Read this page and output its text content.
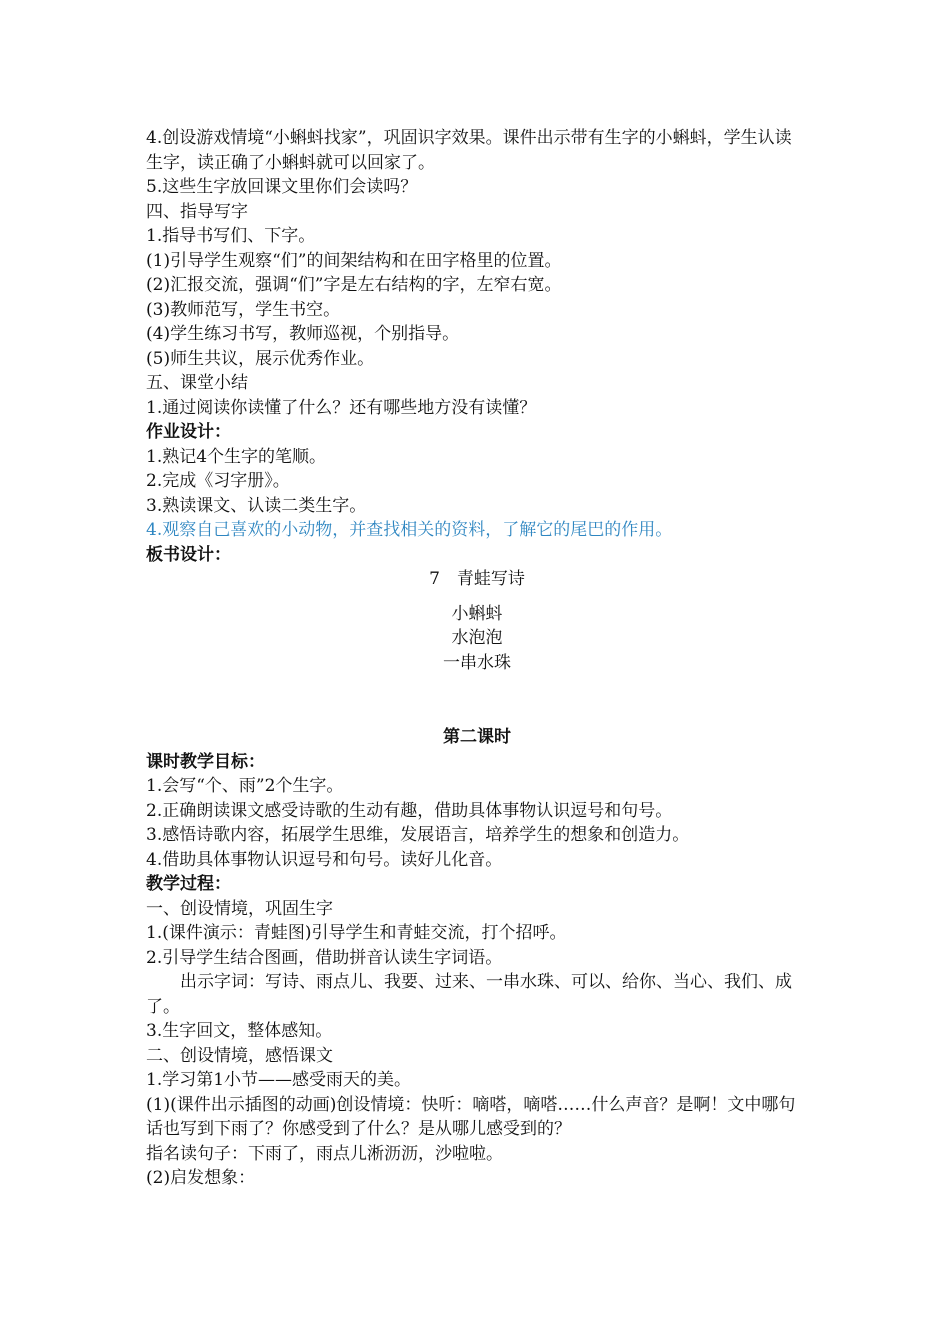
4.创设游戏情境“小蝌蚪找家”，巩固识字效果。课件出示带有生字的小蝌蚪，学生认读生字，读正确了小蝌蚪就可以回家了。
5.这些生字放回课文里你们会读吗？
四、指导写字
1.指导书写们、下字。
(1)引导学生观察“们”的间架结构和在田字格里的位置。
(2)汇报交流，强调“们”字是左右结构的字，左窄右宽。
(3)教师范写，学生书空。
(4)学生练习书写，教师巡视，个别指导。
(5)师生共议，展示优秀作业。
五、课堂小结
1.通过阅读你读懂了什么？还有哪些地方没有读懂？
作业设计：
1.熟记4个生字的笔顺。
2.完成《习字册》。
3.熟读课文、认读二类生字。
4.观察自己喜欢的小动物，并查找相关的资料，了解它的尾巴的作用。
板书设计：
7　青蛙写诗
小蝌蚪
水泡泡
一串水珠
第二课时
课时教学目标：
1.会写“个、雨”2个生字。
2.正确朗读课文感受诗歌的生动有趣，借助具体事物认识逗号和句号。
3.感悟诗歌内容，拓展学生思维，发展语言，培养学生的想象和创造力。
4.借助具体事物认识逗号和句号。读好儿化音。
教学过程：
一、创设情境，巩固生字
1.(课件演示：青蛙图)引导学生和青蛙交流，打个招呼。
2.引导学生结合图画，借助拼音认读生字词语。
出示字词：写诗、雨点儿、我要、过来、一串水珠、可以、给你、当心、我们、成了。
3.生字回文，整体感知。
二、创设情境，感悟课文
1.学习第1小节——感受雨天的美。
(1)(课件出示插图的动画)创设情境：快听：嘀嗒，嘀嗒……什么声音？是啊！文中哪句话也写到下雨了？你感受到了什么？是从哪儿感受到的？
指名读句子：下雨了，雨点儿淅沥沥，沙啦啦。
(2)启发想象：
